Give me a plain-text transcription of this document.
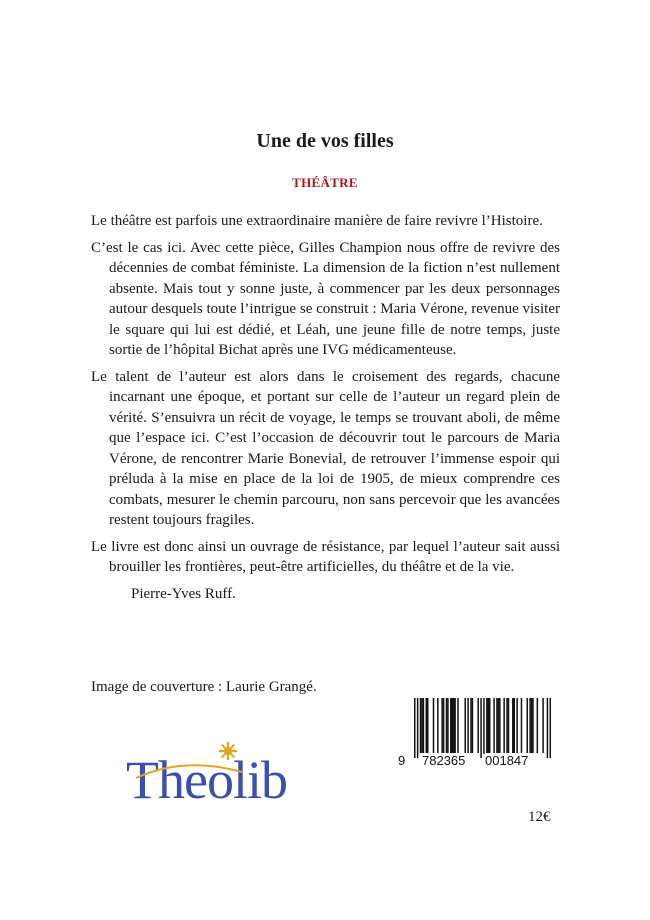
Une de vos filles
THÉÂTRE

Le théâtre est parfois une extraordinaire manière de faire revivre l’Histoire.

C’est le cas ici. Avec cette pièce, Gilles Champion nous offre de revivre des décennies de combat féministe. La dimension de la fiction n’est nullement absente. Mais tout y sonne juste, à commencer par les deux personnages autour desquels toute l’intrigue se construit : Maria Vérone, revenue visiter le square qui lui est dédié, et Léah, une jeune fille de notre temps, juste sortie de l’hôpital Bichat après une IVG médicamenteuse.

Le talent de l’auteur est alors dans le croisement des regards, chacune incarnant une époque, et portant sur celle de l’auteur un regard plein de vérité. S’ensuivra un récit de voyage, le temps se trouvant aboli, de même que l’espace ici. C’est l’occasion de découvrir tout le parcours de Maria Vérone, de rencontrer Marie Bonevial, de retrouver l’immense espoir qui préluda à la mise en place de la loi de 1905, de mieux comprendre ces combats, mesurer le chemin parcouru, non sans percevoir que les avancées restent toujours fragiles.

Le livre est donc ainsi un ouvrage de résistance, par lequel l’auteur sait aussi brouiller les frontières, peut-être artificielles, du théâtre et de la vie.

Pierre-Yves Ruff.
Image de couverture : Laurie Grangé.
9 782365 001847
Theolib
12€
